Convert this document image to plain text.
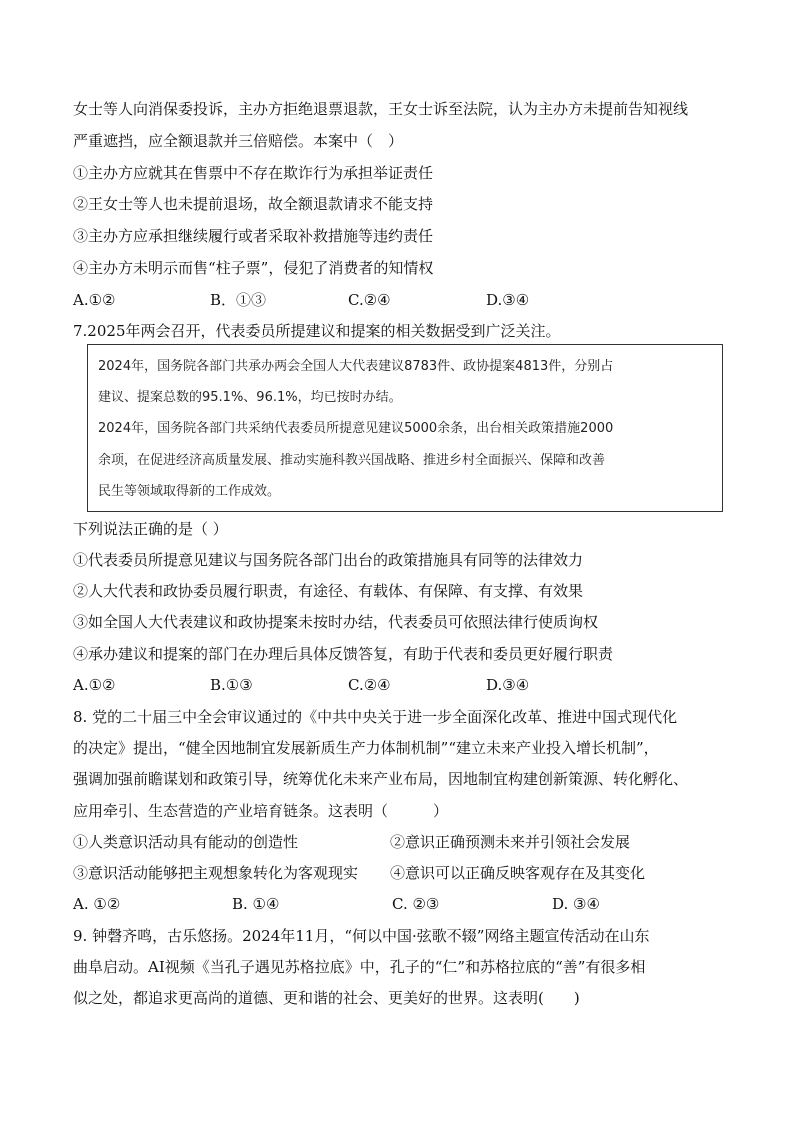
女士等人向消保委投诉，主办方拒绝退票退款，王女士诉至法院，认为主办方未提前告知视线
严重遮挡，应全额退款并三倍赔偿。本案中（　）
①主办方应就其在售票中不存在欺诈行为承担举证责任
②王女士等人也未提前退场，故全额退款请求不能支持
③主办方应承担继续履行或者采取补救措施等违约责任
④主办方未明示而售“柱子票”，侵犯了消费者的知情权
A.①②	B．①③	C.②④	D.③④
7.2025年两会召开，代表委员所提建议和提案的相关数据受到广泛关注。
2024年，国务院各部门共承办两会全国人大代表建议8783件、政协提案4813件，分别占
建议、提案总数的95.1%、96.1%，均已按时办结。
2024年，国务院各部门共采纳代表委员所提意见建议5000余条，出台相关政策措施2000
余项，在促进经济高质量发展、推动实施科教兴国战略、推进乡村全面振兴、保障和改善
民生等领域取得新的工作成效。
下列说法正确的是（ ）
①代表委员所提意见建议与国务院各部门出台的政策措施具有同等的法律效力
②人大代表和政协委员履行职责，有途径、有载体、有保障、有支撑、有效果
③如全国人大代表建议和政协提案未按时办结，代表委员可依照法律行使质询权
④承办建议和提案的部门在办理后具体反馈答复，有助于代表和委员更好履行职责
A.①②	B.①③	C.②④	D.③④
8. 党的二十届三中全会审议通过的《中共中央关于进一步全面深化改革、推进中国式现代化
的决定》提出，“健全因地制宜发展新质生产力体制机制”“建立未来产业投入增长机制”，
强调加强前瞻谋划和政策引导，统筹优化未来产业布局，因地制宜构建创新策源、转化孵化、
应用牵引、生态营造的产业培育链条。这表明（　　　）
①人类意识活动具有能动的创造性	②意识正确预测未来并引领社会发展
③意识活动能够把主观想象转化为客观现实 ④意识可以正确反映客观存在及其变化
A. ①②	B. ①④	C. ②③	D. ③④
9. 钟磬齐鸣，古乐悠扬。2024年11月，“何以中国·弦歌不辍”网络主题宣传活动在山东
曲阜启动。AI视频《当孔子遇见苏格拉底》中，孔子的“仁”和苏格拉底的“善”有很多相
似之处，都追求更高尚的道德、更和谐的社会、更美好的世界。这表明(　　)
